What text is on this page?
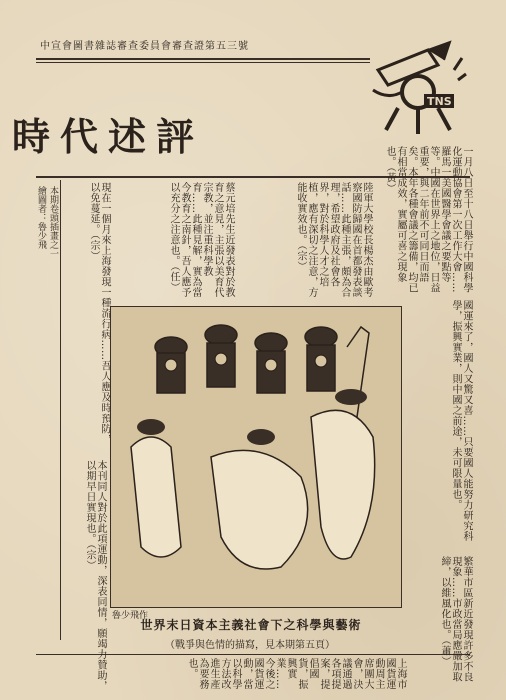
中宣會圖書雜誌審查委員會審查證第五三號
時代述評
TNS

一月八日至十八日舉行中國科學化運動協會第一次工作大會……羅馬一美國醫學會議之要點等等。中國在世界上之地位，日益重要，與二年前不可同日而語矣。本年各種會議之籌備，均已有相當成效，實屬可喜之現象也。（黃）

陸軍大學校長楊杰由歐考察國防歸國在首都發表談話……此種主張，頗為合理，希望政府及社會各界，對於科學人才之培植，應有深切之注意，方能收實效也。（宗）

蔡元培先生近發表對於教育之意見，主張以美育代宗教，並注重科學教育……此種見解，實為當今教育之南針，吾人應予以充分之注意也。（任）

現在一個月來上海發現一種流行病……吾人應及時預防，以免蔓延。（宗）

本期卷頭插畫之一
繪圖者：魯少飛

國運來了，國人又驚又喜……只要國人能努力研究科學，振興實業，則中國之前途，未可限量也。

魯少飛作
世界末日資本主義社會下之科學與藝術
（戰爭與色情的描寫，見本期第五頁）	繁華市區新近發現許多不良現象……市政當局應嚴加取締，以維風化也。（蕭）

上海市國貨運動周主席團大會，決議通過各項提案，提倡國貨，振興實業……今後之國貨運動，當以科學方法改進生產為要務也。

本刊同人對於此項運動，深表同情，願竭力贊助，以期早日實現也。（宗）
